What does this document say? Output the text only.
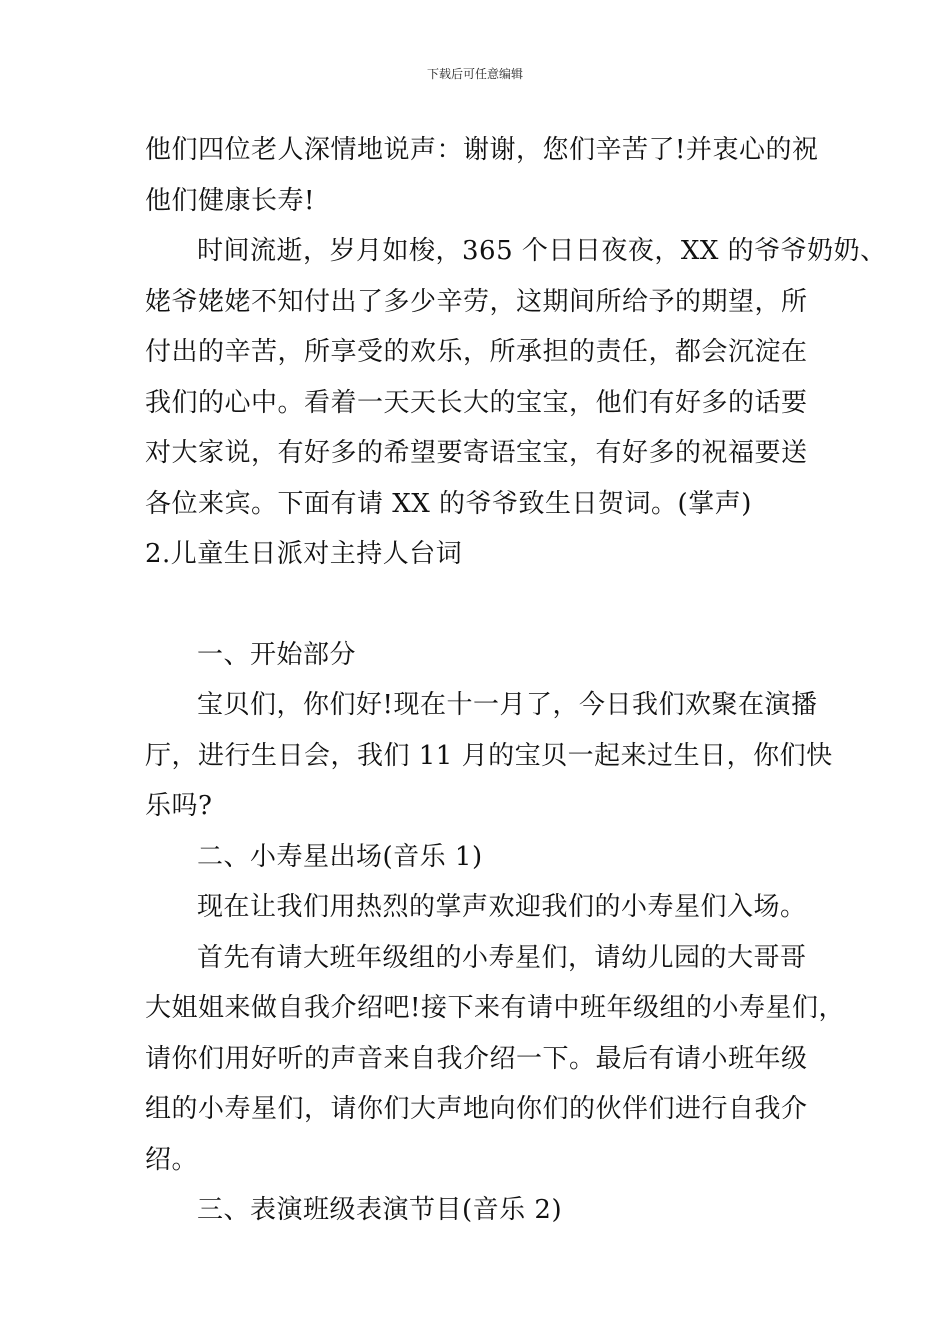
下载后可任意编辑
他们四位老人深情地说声：谢谢，您们辛苦了!并衷心的祝
他们健康长寿!
时间流逝，岁月如梭，365 个日日夜夜，XX 的爷爷奶奶、
姥爷姥姥不知付出了多少辛劳，这期间所给予的期望，所
付出的辛苦，所享受的欢乐，所承担的责任，都会沉淀在
我们的心中。看着一天天长大的宝宝，他们有好多的话要
对大家说，有好多的希望要寄语宝宝，有好多的祝福要送
各位来宾。下面有请 XX 的爷爷致生日贺词。(掌声)
2.儿童生日派对主持人台词
一、开始部分
宝贝们，你们好!现在十一月了，今日我们欢聚在演播
厅，进行生日会，我们 11 月的宝贝一起来过生日，你们快
乐吗?
二、小寿星出场(音乐 1)
现在让我们用热烈的掌声欢迎我们的小寿星们入场。
首先有请大班年级组的小寿星们，请幼儿园的大哥哥
大姐姐来做自我介绍吧!接下来有请中班年级组的小寿星们，
请你们用好听的声音来自我介绍一下。最后有请小班年级
组的小寿星们，请你们大声地向你们的伙伴们进行自我介
绍。
三、表演班级表演节目(音乐 2)
